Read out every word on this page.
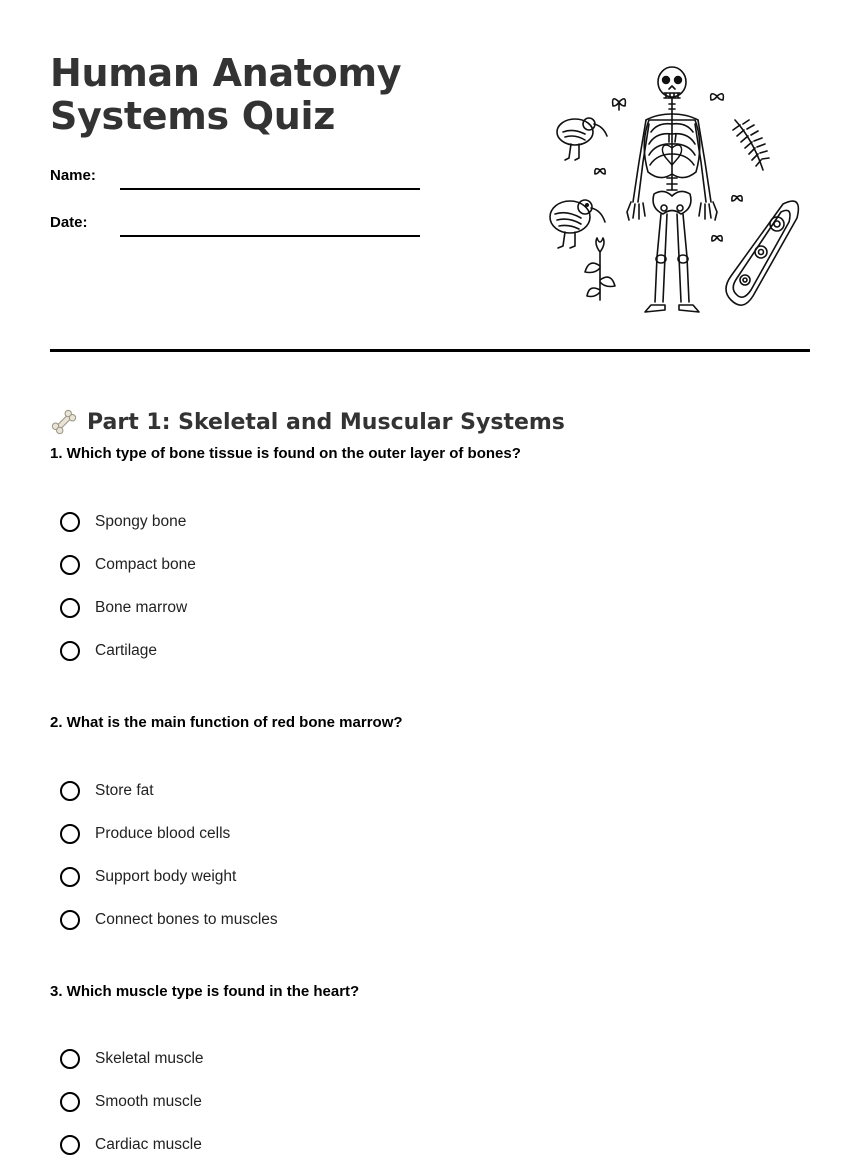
Human Anatomy
Systems Quiz
Name:
Date:
Part 1: Skeletal and Muscular Systems
1. Which type of bone tissue is found on the outer layer of bones?
Spongy bone
Compact bone
Bone marrow
Cartilage
2. What is the main function of red bone marrow?
Store fat
Produce blood cells
Support body weight
Connect bones to muscles
3. Which muscle type is found in the heart?
Skeletal muscle
Smooth muscle
Cardiac muscle
